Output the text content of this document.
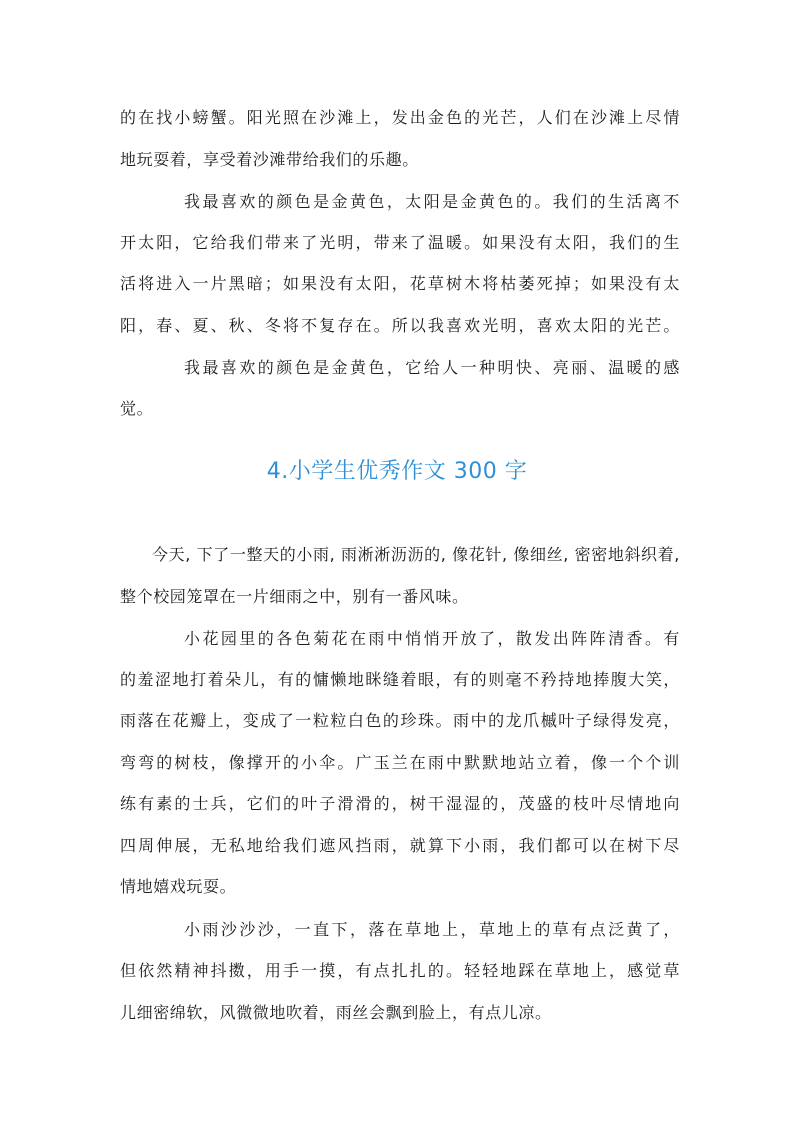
的在找小螃蟹。阳光照在沙滩上，发出金色的光芒，人们在沙滩上尽情
地玩耍着，享受着沙滩带给我们的乐趣。
我最喜欢的颜色是金黄色，太阳是金黄色的。我们的生活离不
开太阳，它给我们带来了光明，带来了温暖。如果没有太阳，我们的生
活将进入一片黑暗；如果没有太阳，花草树木将枯萎死掉；如果没有太
阳，春、夏、秋、冬将不复存在。所以我喜欢光明，喜欢太阳的光芒。
我最喜欢的颜色是金黄色，它给人一种明快、亮丽、温暖的感
觉。
4.小学生优秀作文 300 字
今天, 下了一整天的小雨, 雨淅淅沥沥的, 像花针, 像细丝, 密密地斜织着,
整个校园笼罩在一片细雨之中，别有一番风味。
小花园里的各色菊花在雨中悄悄开放了，散发出阵阵清香。有
的羞涩地打着朵儿，有的慵懒地眯缝着眼，有的则毫不矜持地捧腹大笑，
雨落在花瓣上，变成了一粒粒白色的珍珠。雨中的龙爪槭叶子绿得发亮，
弯弯的树枝，像撑开的小伞。广玉兰在雨中默默地站立着，像一个个训
练有素的士兵，它们的叶子滑滑的，树干湿湿的，茂盛的枝叶尽情地向
四周伸展，无私地给我们遮风挡雨，就算下小雨，我们都可以在树下尽
情地嬉戏玩耍。
小雨沙沙沙，一直下，落在草地上，草地上的草有点泛黄了，
但依然精神抖擞，用手一摸，有点扎扎的。轻轻地踩在草地上，感觉草
儿细密绵软，风微微地吹着，雨丝会飘到脸上，有点儿凉。
